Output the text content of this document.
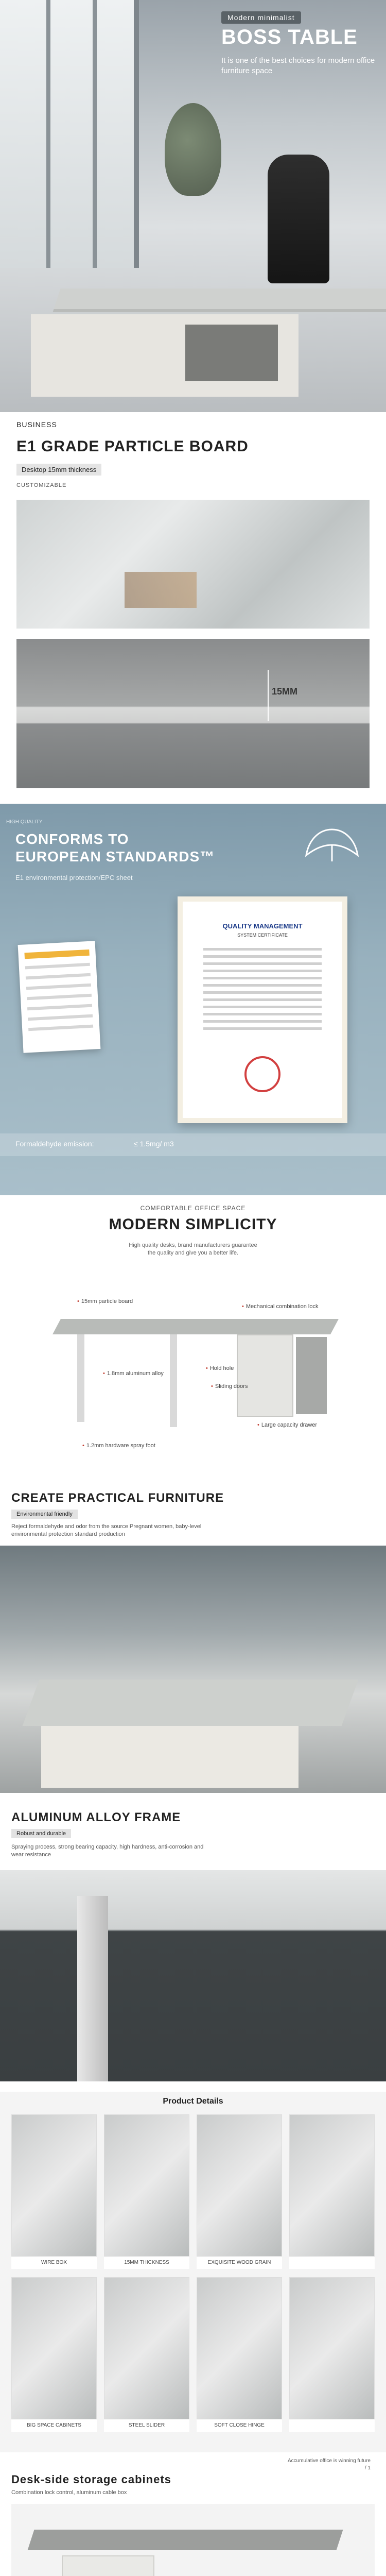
Modern minimalist
BOSS TABLE

It is one of the best choices for modern office furniture space

BUSINESS
E1 GRADE PARTICLE BOARD
Desktop 15mm thickness
CUSTOMIZABLE
15MM
HIGH QUALITY
CONFORMS TO
EUROPEAN STANDARDS™
E1 environmental protection/EPC sheet
QUALITY MANAGEMENT
SYSTEM CERTIFICATE
Formaldehyde emission:	≤ 1.5mg/ m3
COMFORTABLE OFFICE SPACE
MODERN SIMPLICITY

High quality desks, brand manufacturers guarantee the quality and give you a better life.

• 15mm particle board
• Mechanical combination lock
• 1.8mm aluminum alloy
• Hold hole
• Sliding doors
• Large capacity drawer
• 1.2mm hardware spray foot
CREATE PRACTICAL FURNITURE
Environmental friendly

Reject formaldehyde and odor from the source Pregnant women, baby-level environmental protection standard production

ALUMINUM ALLOY FRAME
Robust and durable

Spraying process, strong bearing capacity, high hardness, anti-corrosion and wear resistance

Product Details
WIRE BOX	15MM THICKNESS	EXQUISITE WOOD GRAIN
BIG SPACE CABINETS	STEEL SLIDER	SOFT CLOSE HINGE
Accumulative office is winning future
/ 1
Desk-side storage cabinets
Combination lock control, aluminum cable box
